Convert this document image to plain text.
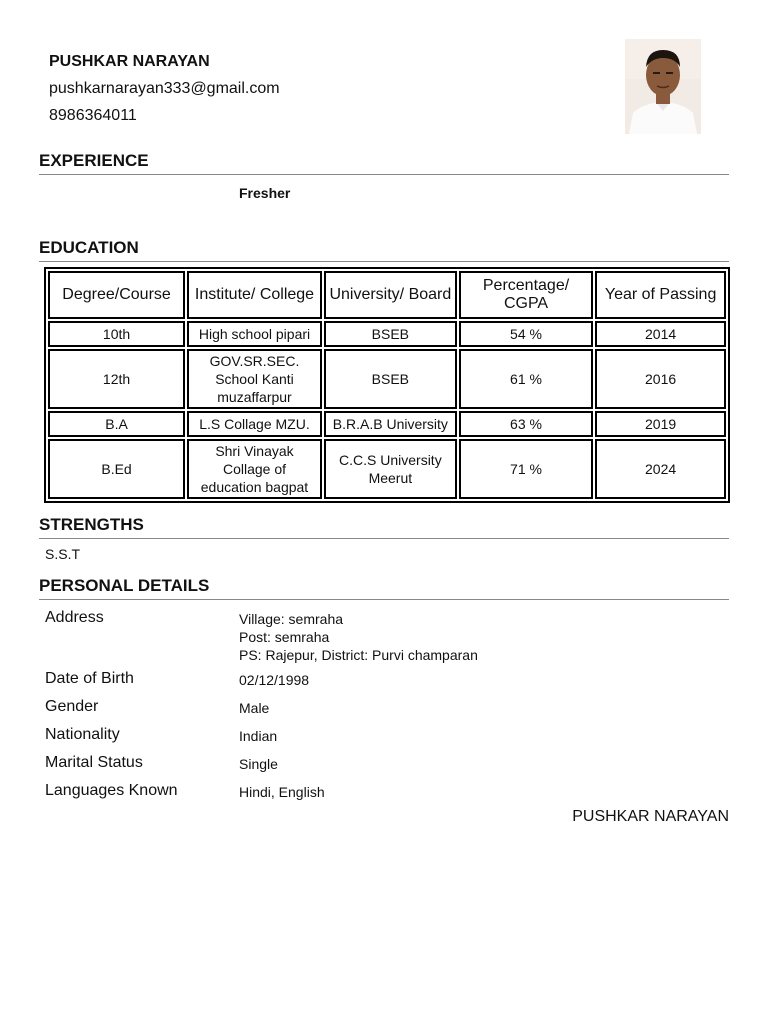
PUSHKAR NARAYAN
pushkarnarayan333@gmail.com
8986364011
EXPERIENCE
Fresher
EDUCATION
Degree/Course	Institute/ College	University/ Board	Percentage/ CGPA	Year of Passing
10th	High school pipari	BSEB	54 %	2014
12th	GOV.SR.SEC. School Kanti muzaffarpur	BSEB	61 %	2016
B.A	L.S Collage MZU.	B.R.A.B University	63 %	2019
B.Ed	Shri Vinayak Collage of education bagpat	C.C.S University Meerut	71 %	2024
STRENGTHS
S.S.T
PERSONAL DETAILS
Address	Village: semraha
Post: semraha
PS: Rajepur, District: Purvi champaran
Date of Birth	02/12/1998
Gender	Male
Nationality	Indian
Marital Status	Single
Languages Known	Hindi, English
PUSHKAR NARAYAN
